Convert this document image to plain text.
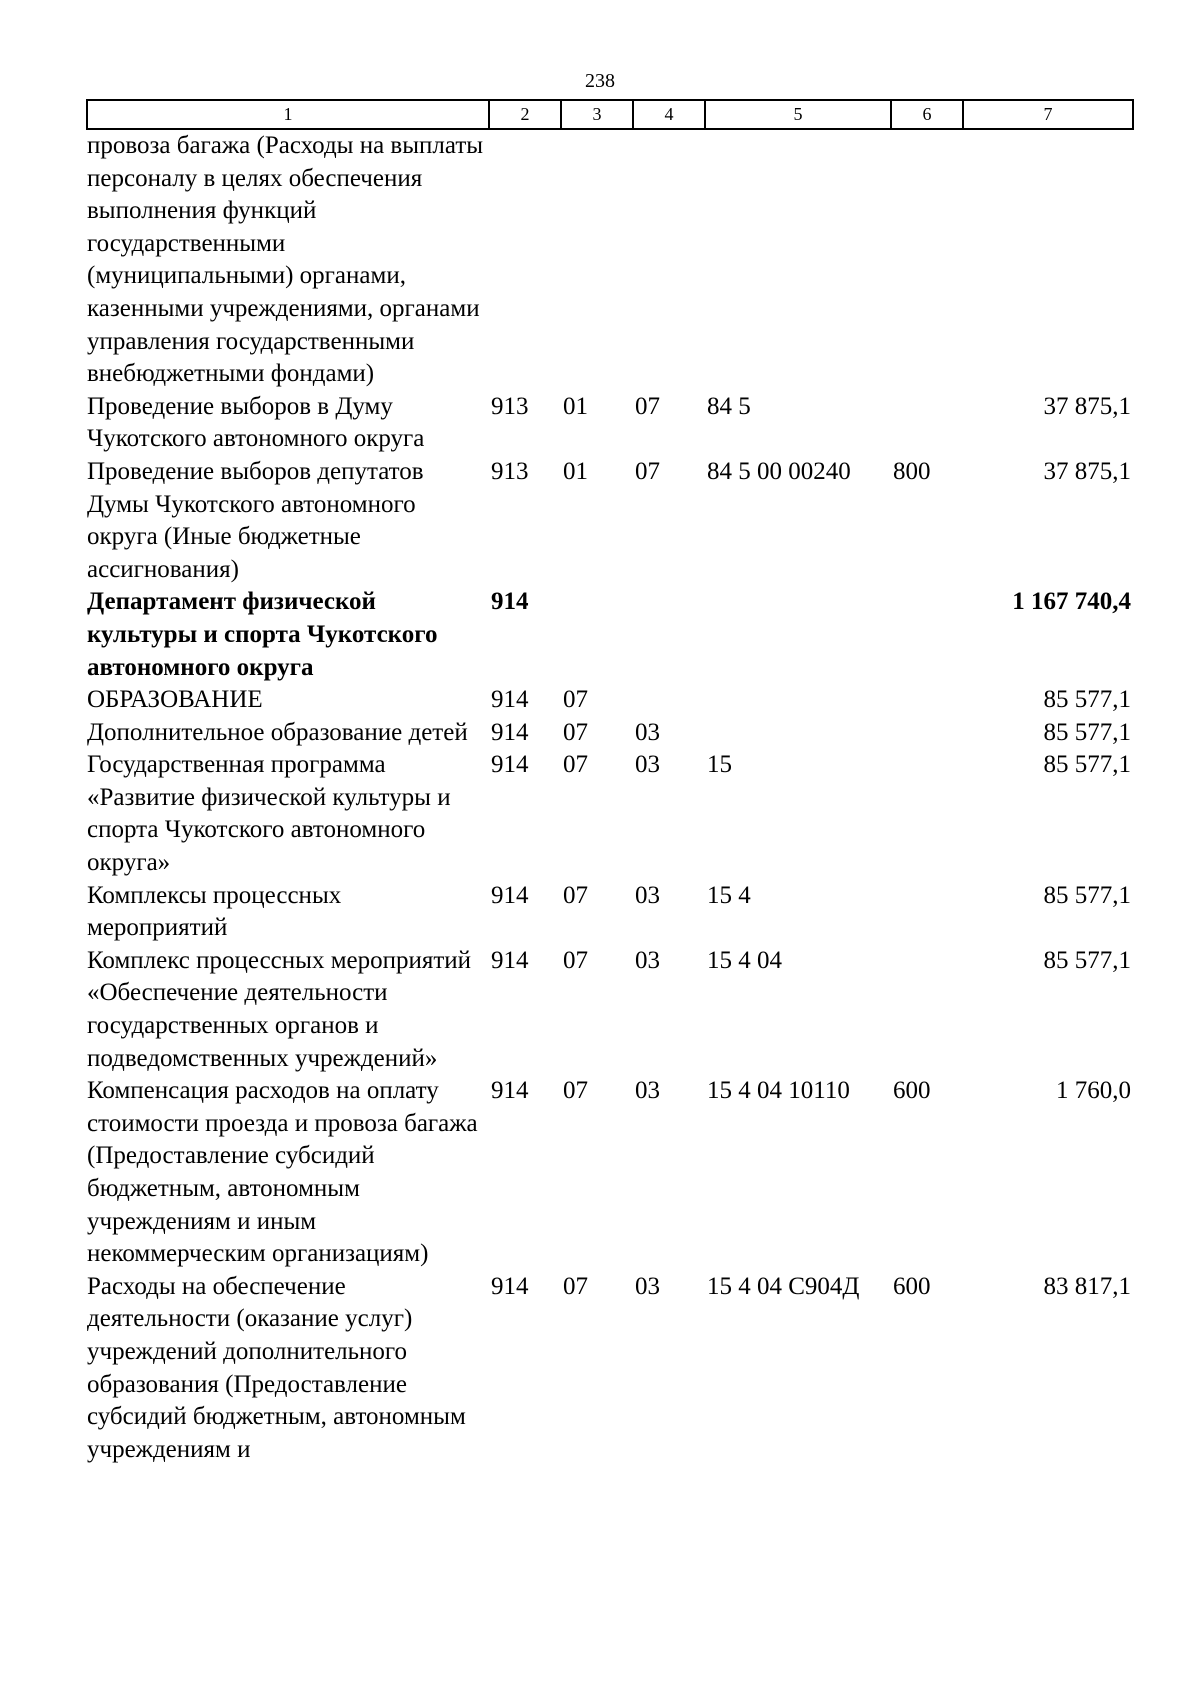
238
1	2	3	4	5	6	7
провоза багажа (Расходы на выплаты персоналу в целях обеспечения выполнения функций государственными (муниципальными) органами, казенными учреждениями, органами управления государственными внебюджетными фондами)						
Проведение выборов в Думу Чукотского автономного округа	913	01	07	84 5		37 875,1
Проведение выборов депутатов Думы Чукотского автономного округа (Иные бюджетные ассигнования)	913	01	07	84 5 00 00240	800	37 875,1
Департамент физической культуры и спорта Чукотского автономного округа	914					1 167 740,4
ОБРАЗОВАНИЕ	914	07				85 577,1
Дополнительное образование детей	914	07	03			85 577,1
Государственная программа «Развитие физической культуры и спорта Чукотского автономного округа»	914	07	03	15		85 577,1
Комплексы процессных мероприятий	914	07	03	15 4		85 577,1
Комплекс процессных мероприятий «Обеспечение деятельности государственных органов и подведомственных учреждений»	914	07	03	15 4 04		85 577,1
Компенсация расходов на оплату стоимости проезда и провоза багажа (Предоставление субсидий бюджетным, автономным учреждениям и иным некоммерческим организациям)	914	07	03	15 4 04 10110	600	1 760,0
Расходы на обеспечение деятельности (оказание услуг) учреждений дополнительного образования (Предоставление субсидий бюджетным, автономным учреждениям и	914	07	03	15 4 04 С904Д	600	83 817,1
